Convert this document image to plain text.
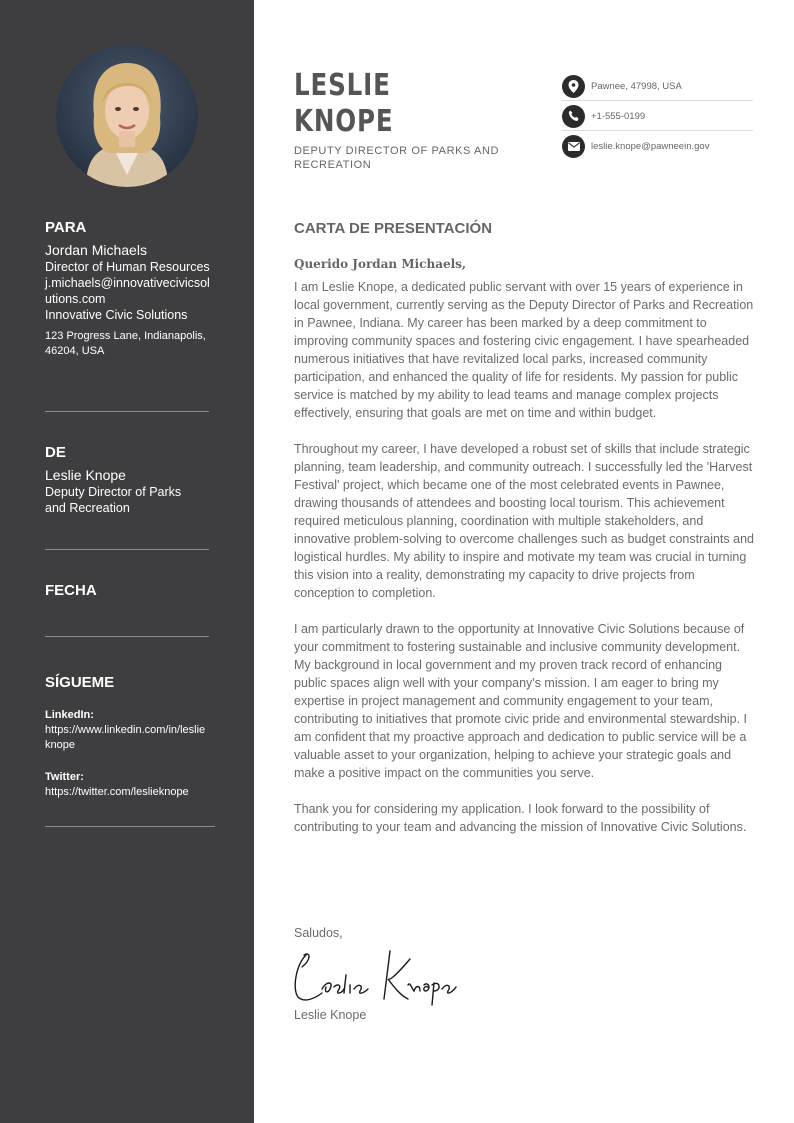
PARA
Jordan Michaels
Director of Human Resources
j.michaels@innovativecivicsolutions.com
Innovative Civic Solutions
123 Progress Lane, Indianapolis, 46204, USA
DE
Leslie Knope
Deputy Director of Parks and Recreation
FECHA
SÍGUEME
LinkedIn:
https://www.linkedin.com/in/leslieknope
Twitter:
https://twitter.com/leslieknope
LESLIE
KNOPE
DEPUTY DIRECTOR OF PARKS AND RECREATION
Pawnee, 47998, USA
+1-555-0199
leslie.knope@pawneein.gov
CARTA DE PRESENTACIÓN
Querido Jordan Michaels,

I am Leslie Knope, a dedicated public servant with over 15 years of experience in local government, currently serving as the Deputy Director of Parks and Recreation in Pawnee, Indiana. My career has been marked by a deep commitment to improving community spaces and fostering civic engagement. I have spearheaded numerous initiatives that have revitalized local parks, increased community participation, and enhanced the quality of life for residents. My passion for public service is matched by my ability to lead teams and manage complex projects effectively, ensuring that goals are met on time and within budget.

Throughout my career, I have developed a robust set of skills that include strategic planning, team leadership, and community outreach. I successfully led the 'Harvest Festival' project, which became one of the most celebrated events in Pawnee, drawing thousands of attendees and boosting local tourism. This achievement required meticulous planning, coordination with multiple stakeholders, and innovative problem-solving to overcome challenges such as budget constraints and logistical hurdles. My ability to inspire and motivate my team was crucial in turning this vision into a reality, demonstrating my capacity to drive projects from conception to completion.

I am particularly drawn to the opportunity at Innovative Civic Solutions because of your commitment to fostering sustainable and inclusive community development. My background in local government and my proven track record of enhancing public spaces align well with your company's mission. I am eager to bring my expertise in project management and community engagement to your team, contributing to initiatives that promote civic pride and environmental stewardship. I am confident that my proactive approach and dedication to public service will be a valuable asset to your organization, helping to achieve your strategic goals and make a positive impact on the communities you serve.

Thank you for considering my application. I look forward to the possibility of contributing to your team and advancing the mission of Innovative Civic Solutions.

Saludos,
Leslie Knope
